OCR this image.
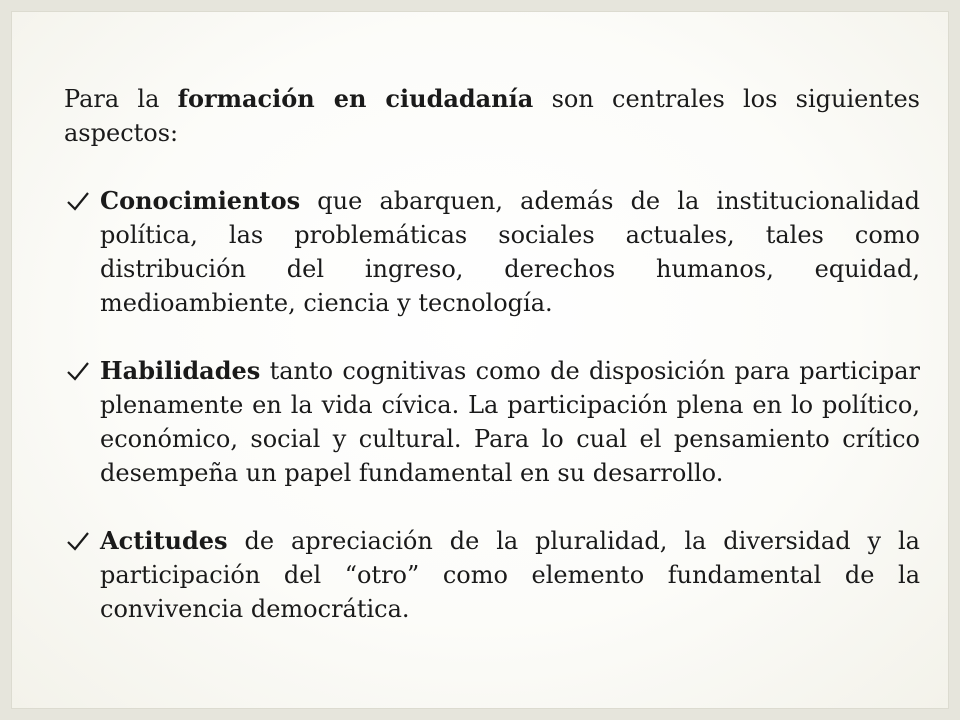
Para la formación en ciudadanía son centrales los siguientes aspectos:

Conocimientos que abarquen, además de la institucionalidad política, las problemáticas sociales actuales, tales como distribución del ingreso, derechos humanos, equidad, medioambiente, ciencia y tecnología.
Habilidades tanto cognitivas como de disposición para participar plenamente en la vida cívica. La participación plena en lo político, económico, social y cultural. Para lo cual el pensamiento crítico desempeña un papel fundamental en su desarrollo.
Actitudes de apreciación de la pluralidad, la diversidad y la participación del “otro” como elemento fundamental de la convivencia democrática.
